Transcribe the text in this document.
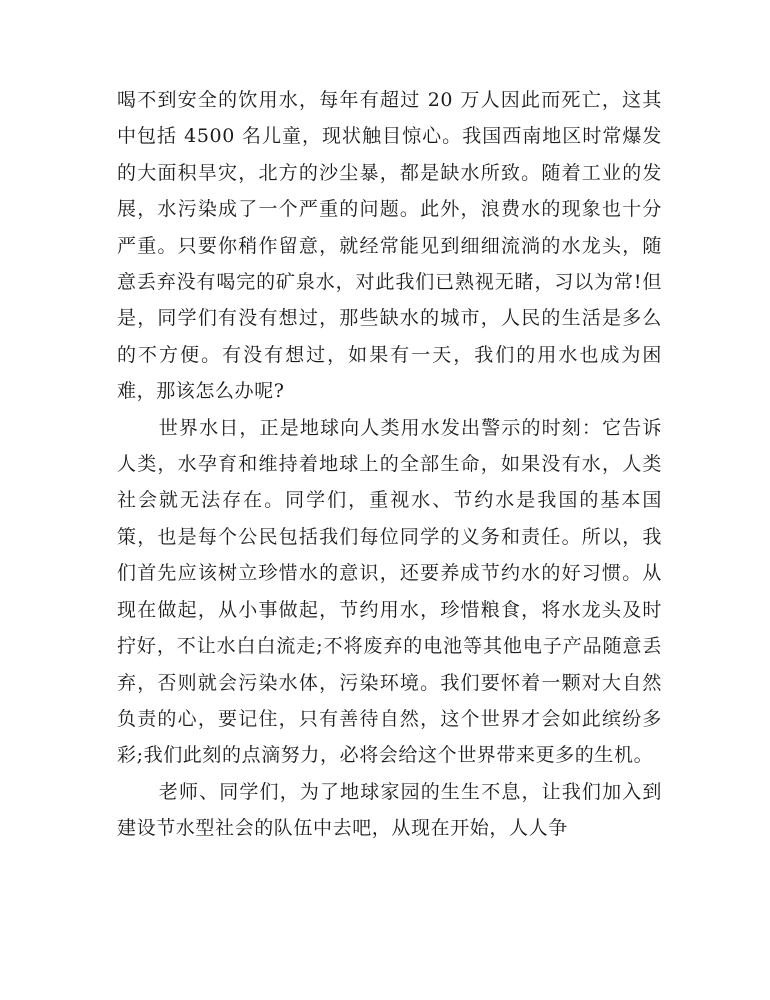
喝不到安全的饮用水，每年有超过 20 万人因此而死亡，这其中包括 4500 名儿童，现状触目惊心。我国西南地区时常爆发的大面积旱灾，北方的沙尘暴，都是缺水所致。随着工业的发展，水污染成了一个严重的问题。此外，浪费水的现象也十分严重。只要你稍作留意，就经常能见到细细流淌的水龙头，随意丢弃没有喝完的矿泉水，对此我们已熟视无睹，习以为常!但是，同学们有没有想过，那些缺水的城市，人民的生活是多么的不方便。有没有想过，如果有一天，我们的用水也成为困难，那该怎么办呢?

世界水日，正是地球向人类用水发出警示的时刻：它告诉人类，水孕育和维持着地球上的全部生命，如果没有水，人类社会就无法存在。同学们，重视水、节约水是我国的基本国策，也是每个公民包括我们每位同学的义务和责任。所以，我们首先应该树立珍惜水的意识，还要养成节约水的好习惯。从现在做起，从小事做起，节约用水，珍惜粮食，将水龙头及时拧好，不让水白白流走;不将废弃的电池等其他电子产品随意丢弃，否则就会污染水体，污染环境。我们要怀着一颗对大自然负责的心，要记住，只有善待自然，这个世界才会如此缤纷多彩;我们此刻的点滴努力，必将会给这个世界带来更多的生机。

老师、同学们，为了地球家园的生生不息，让我们加入到建设节水型社会的队伍中去吧，从现在开始，人人争
